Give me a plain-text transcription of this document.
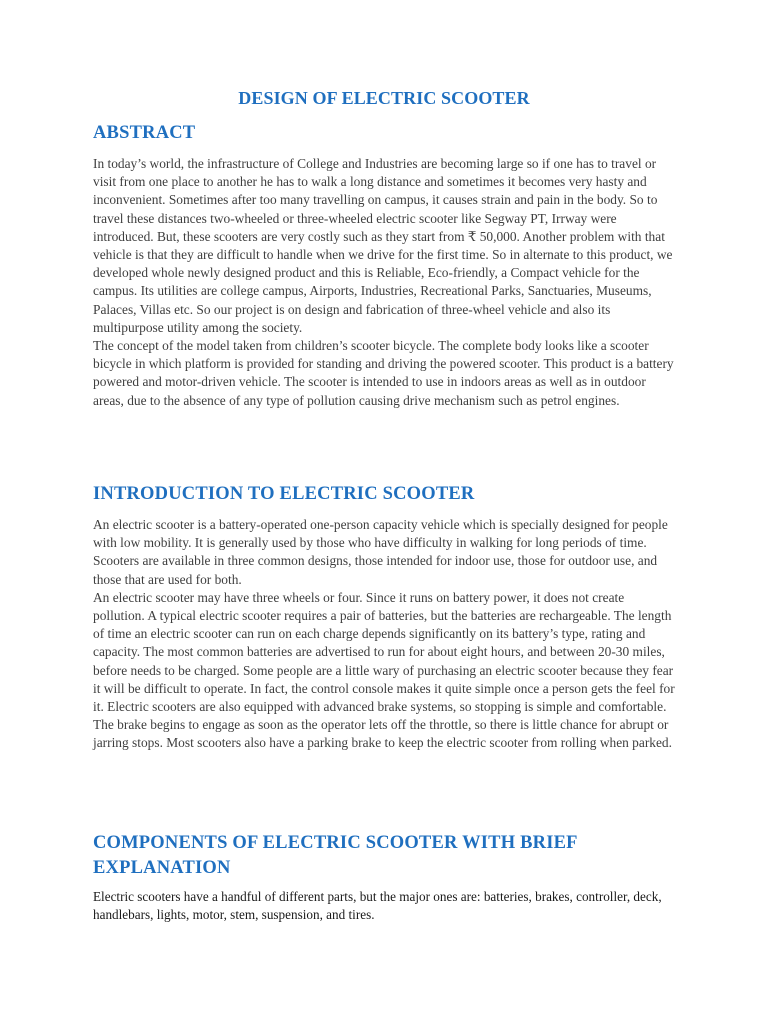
DESIGN OF ELECTRIC SCOOTER
ABSTRACT

In today’s world, the infrastructure of College and Industries are becoming large so if one has to travel or visit from one place to another he has to walk a long distance and sometimes it becomes very hasty and inconvenient. Sometimes after too many travelling on campus, it causes strain and pain in the body. So to travel these distances two-wheeled or three-wheeled electric scooter like Segway PT, Irrway were introduced. But, these scooters are very costly such as they start from ₹ 50,000. Another problem with that vehicle is that they are difficult to handle when we drive for the first time. So in alternate to this product, we developed whole newly designed product and this is Reliable, Eco-friendly, a Compact vehicle for the campus. Its utilities are college campus, Airports, Industries, Recreational Parks, Sanctuaries, Museums, Palaces, Villas etc. So our project is on design and fabrication of three-wheel vehicle and also its multipurpose utility among the society.

The concept of the model taken from children’s scooter bicycle. The complete body looks like a scooter bicycle in which platform is provided for standing and driving the powered scooter. This product is a battery powered and motor-driven vehicle. The scooter is intended to use in indoors areas as well as in outdoor areas, due to the absence of any type of pollution causing drive mechanism such as petrol engines.

INTRODUCTION TO ELECTRIC SCOOTER

An electric scooter is a battery-operated one-person capacity vehicle which is specially designed for people with low mobility. It is generally used by those who have difficulty in walking for long periods of time. Scooters are available in three common designs, those intended for indoor use, those for outdoor use, and those that are used for both.

An electric scooter may have three wheels or four. Since it runs on battery power, it does not create pollution. A typical electric scooter requires a pair of batteries, but the batteries are rechargeable. The length of time an electric scooter can run on each charge depends significantly on its battery’s type, rating and capacity. The most common batteries are advertised to run for about eight hours, and between 20-30 miles, before needs to be charged. Some people are a little wary of purchasing an electric scooter because they fear it will be difficult to operate. In fact, the control console makes it quite simple once a person gets the feel for it. Electric scooters are also equipped with advanced brake systems, so stopping is simple and comfortable. The brake begins to engage as soon as the operator lets off the throttle, so there is little chance for abrupt or jarring stops. Most scooters also have a parking brake to keep the electric scooter from rolling when parked.

COMPONENTS OF ELECTRIC SCOOTER WITH BRIEF EXPLANATION

Electric scooters have a handful of different parts, but the major ones are: batteries, brakes, controller, deck, handlebars, lights, motor, stem, suspension, and tires.
